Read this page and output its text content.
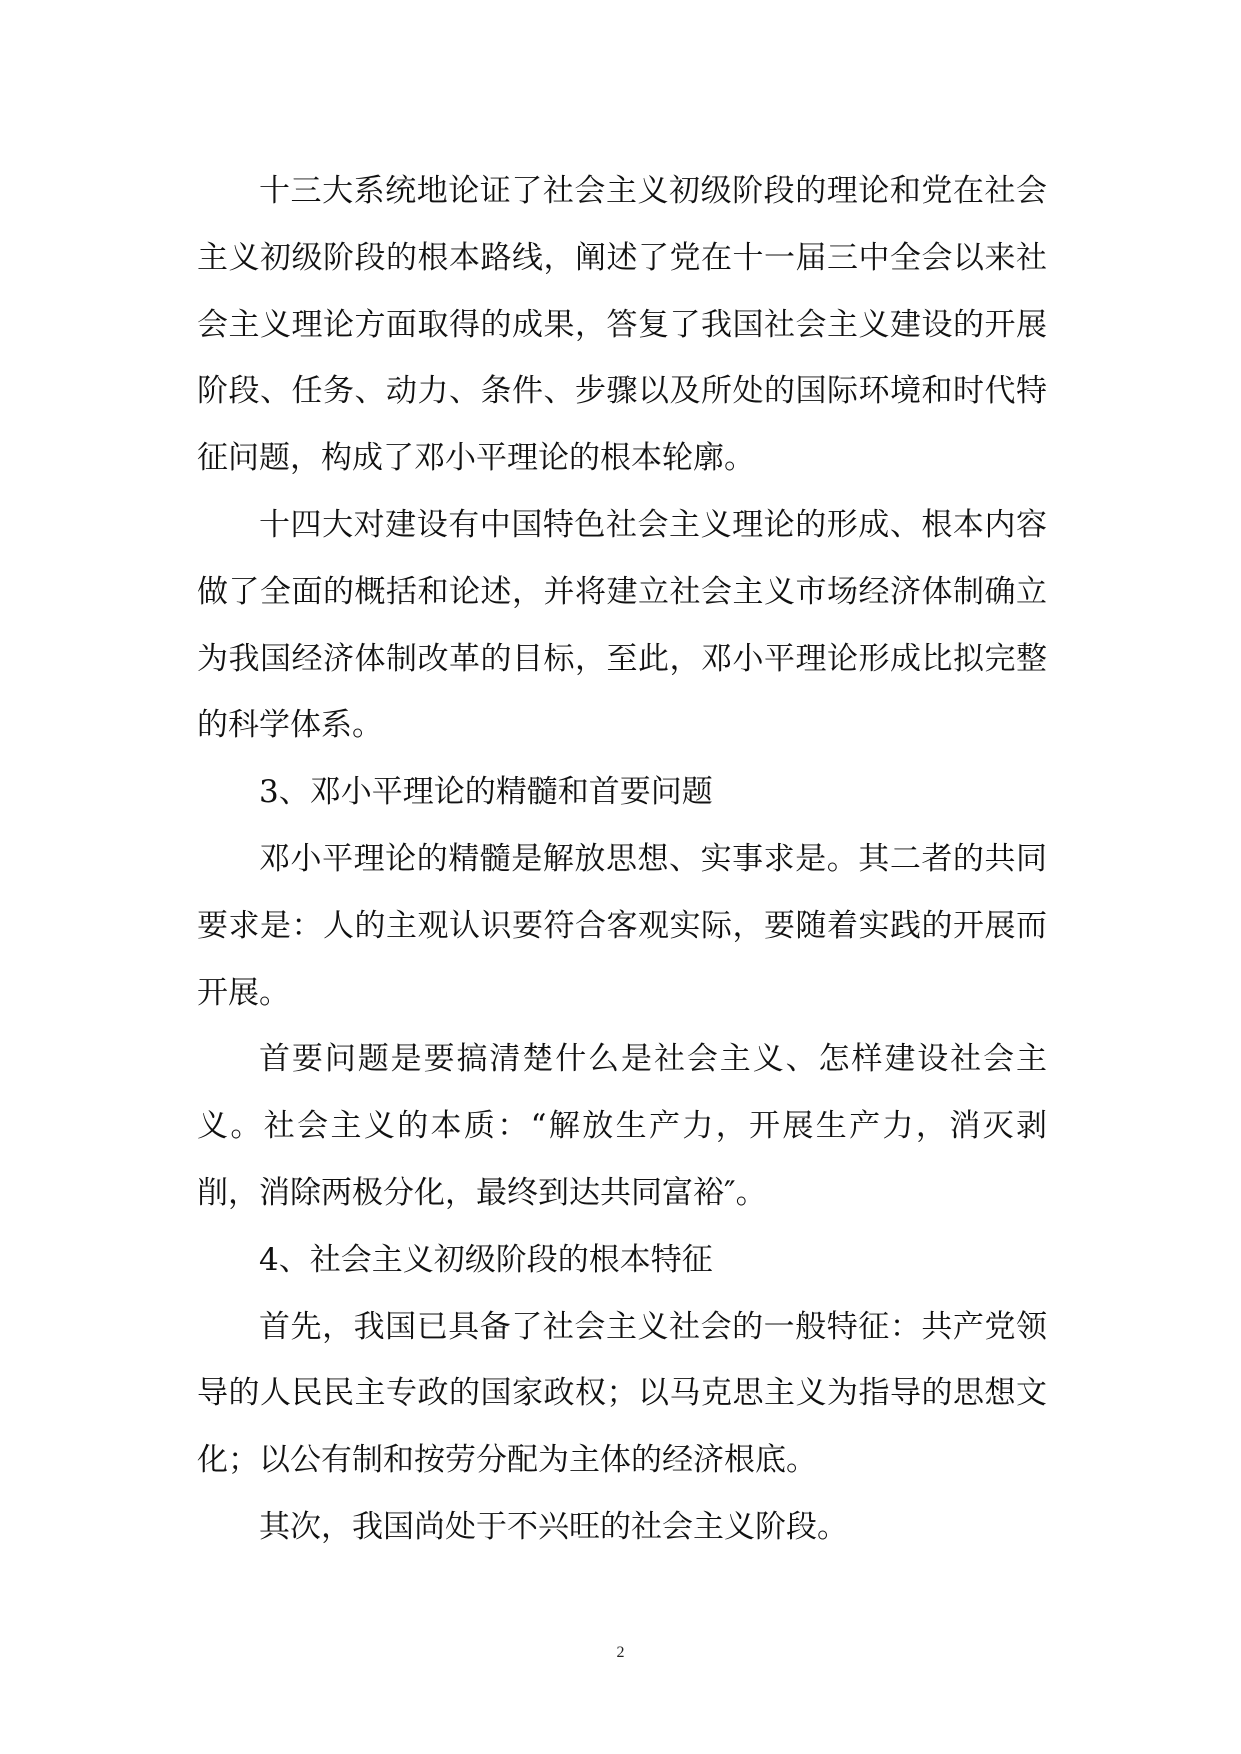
十三大系统地论证了社会主义初级阶段的理论和党在社会主义初级阶段的根本路线，阐述了党在十一届三中全会以来社会主义理论方面取得的成果，答复了我国社会主义建设的开展阶段、任务、动力、条件、步骤以及所处的国际环境和时代特征问题，构成了邓小平理论的根本轮廓。

十四大对建设有中国特色社会主义理论的形成、根本内容做了全面的概括和论述，并将建立社会主义市场经济体制确立为我国经济体制改革的目标，至此，邓小平理论形成比拟完整的科学体系。

3、邓小平理论的精髓和首要问题

邓小平理论的精髓是解放思想、实事求是。其二者的共同要求是：人的主观认识要符合客观实际，要随着实践的开展而开展。

首要问题是要搞清楚什么是社会主义、怎样建设社会主义。社会主义的本质：“解放生产力，开展生产力，消灭剥削，消除两极分化，最终到达共同富裕″。

4、社会主义初级阶段的根本特征

首先，我国已具备了社会主义社会的一般特征：共产党领导的人民民主专政的国家政权；以马克思主义为指导的思想文化；以公有制和按劳分配为主体的经济根底。

其次，我国尚处于不兴旺的社会主义阶段。

2
